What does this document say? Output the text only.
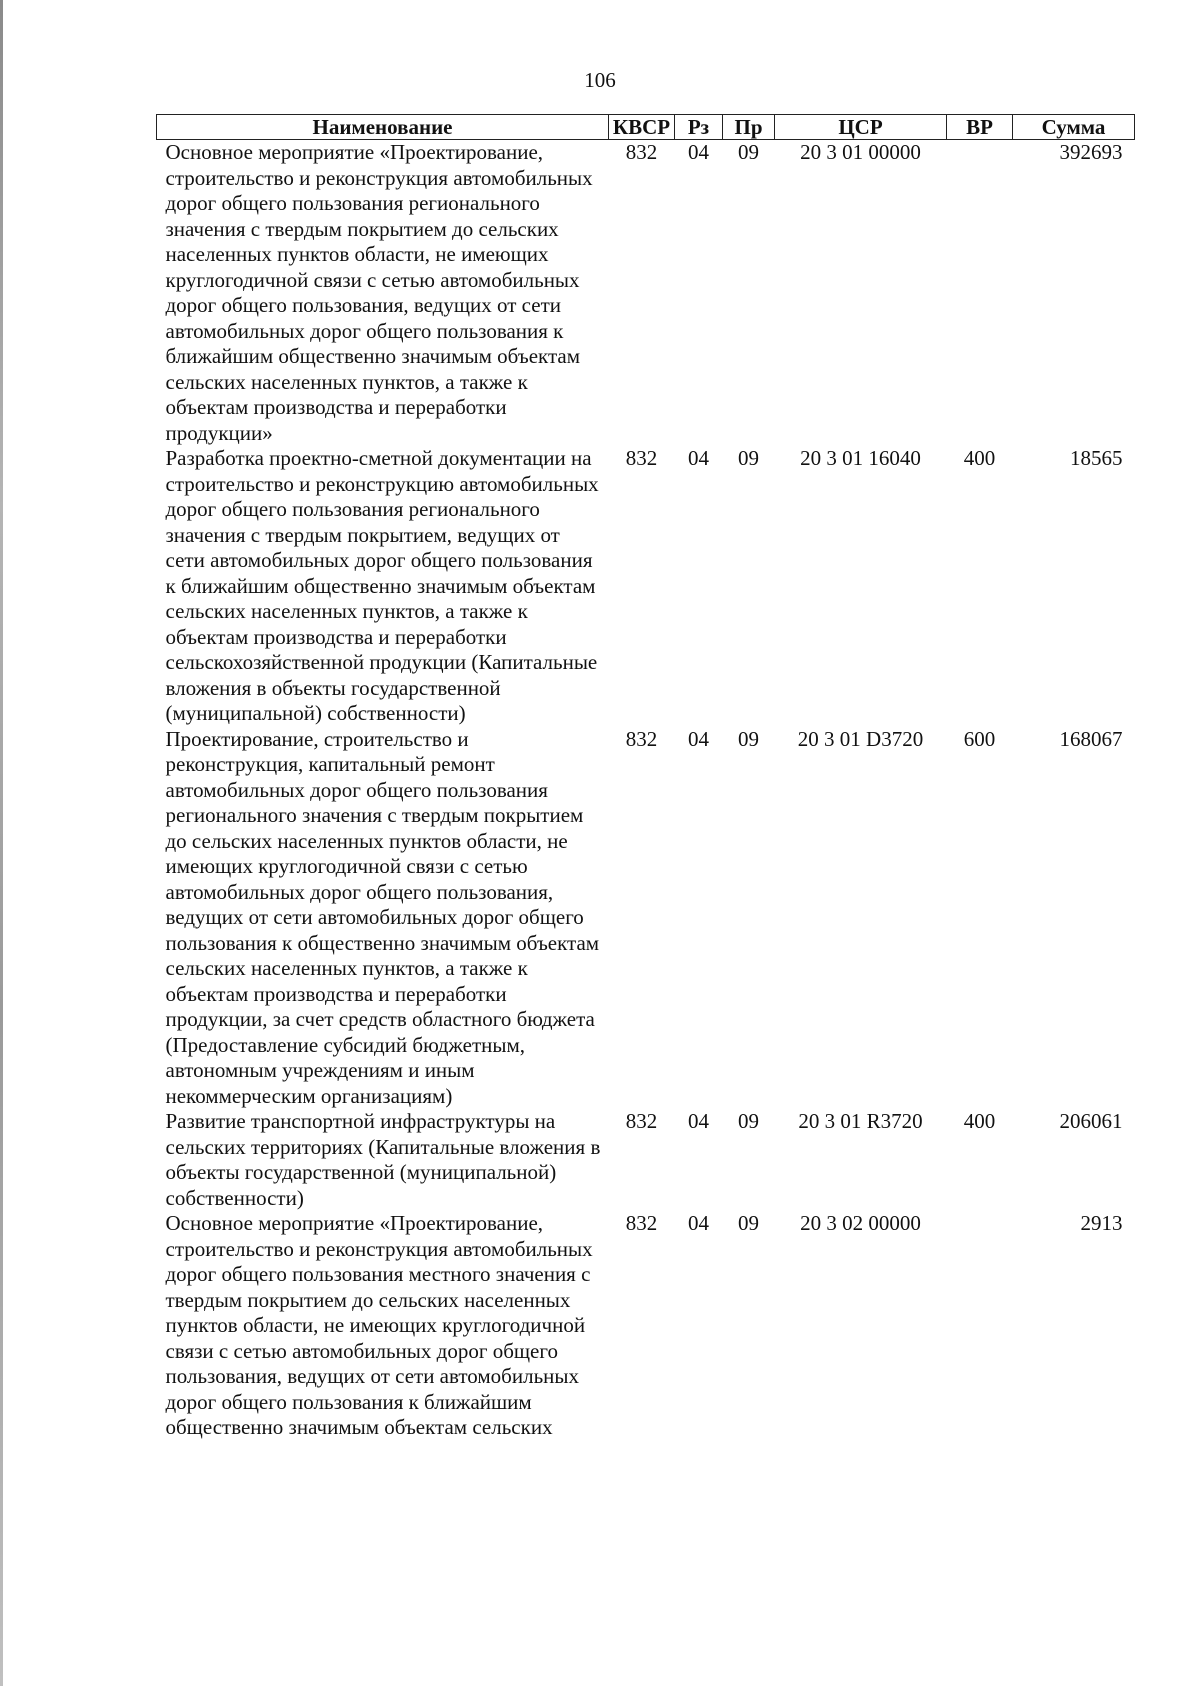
106
Наименование	КВСР	Рз	Пр	ЦСР	ВР	Сумма
Основное мероприятие «Проектирование, строительство и реконструкция автомобильных дорог общего пользования регионального значения с твердым покрытием до сельских населенных пунктов области, не имеющих круглогодичной связи с сетью автомобильных дорог общего пользования, ведущих от сети автомобильных дорог общего пользования к ближайшим общественно значимым объектам сельских населенных пунктов, а также к объектам производства и переработки продукции»	832	04	09	20 3 01 00000		392693
Разработка проектно-сметной документации на строительство и реконструкцию автомобильных дорог общего пользования регионального значения с твердым покрытием, ведущих от сети автомобильных дорог общего пользования к ближайшим общественно значимым объектам сельских населенных пунктов, а также к объектам производства и переработки сельскохозяйственной продукции (Капитальные вложения в объекты государственной (муниципальной) собственности)	832	04	09	20 3 01 16040	400	18565
Проектирование, строительство и реконструкция, капитальный ремонт автомобильных дорог общего пользования регионального значения с твердым покрытием до сельских населенных пунктов области, не имеющих круглогодичной связи с сетью автомобильных дорог общего пользования, ведущих от сети автомобильных дорог общего пользования к общественно значимым объектам сельских населенных пунктов, а также к объектам производства и переработки продукции, за счет средств областного бюджета (Предоставление субсидий бюджетным, автономным учреждениям и иным некоммерческим организациям)	832	04	09	20 3 01 D3720	600	168067
Развитие транспортной инфраструктуры на сельских территориях (Капитальные вложения в объекты государственной (муниципальной) собственности)	832	04	09	20 3 01 R3720	400	206061
Основное мероприятие «Проектирование, строительство и реконструкция автомобильных дорог общего пользования местного значения с твердым покрытием до сельских населенных пунктов области, не имеющих круглогодичной связи с сетью автомобильных дорог общего пользования, ведущих от сети автомобильных дорог общего пользования к ближайшим общественно значимым объектам сельских	832	04	09	20 3 02 00000		2913
